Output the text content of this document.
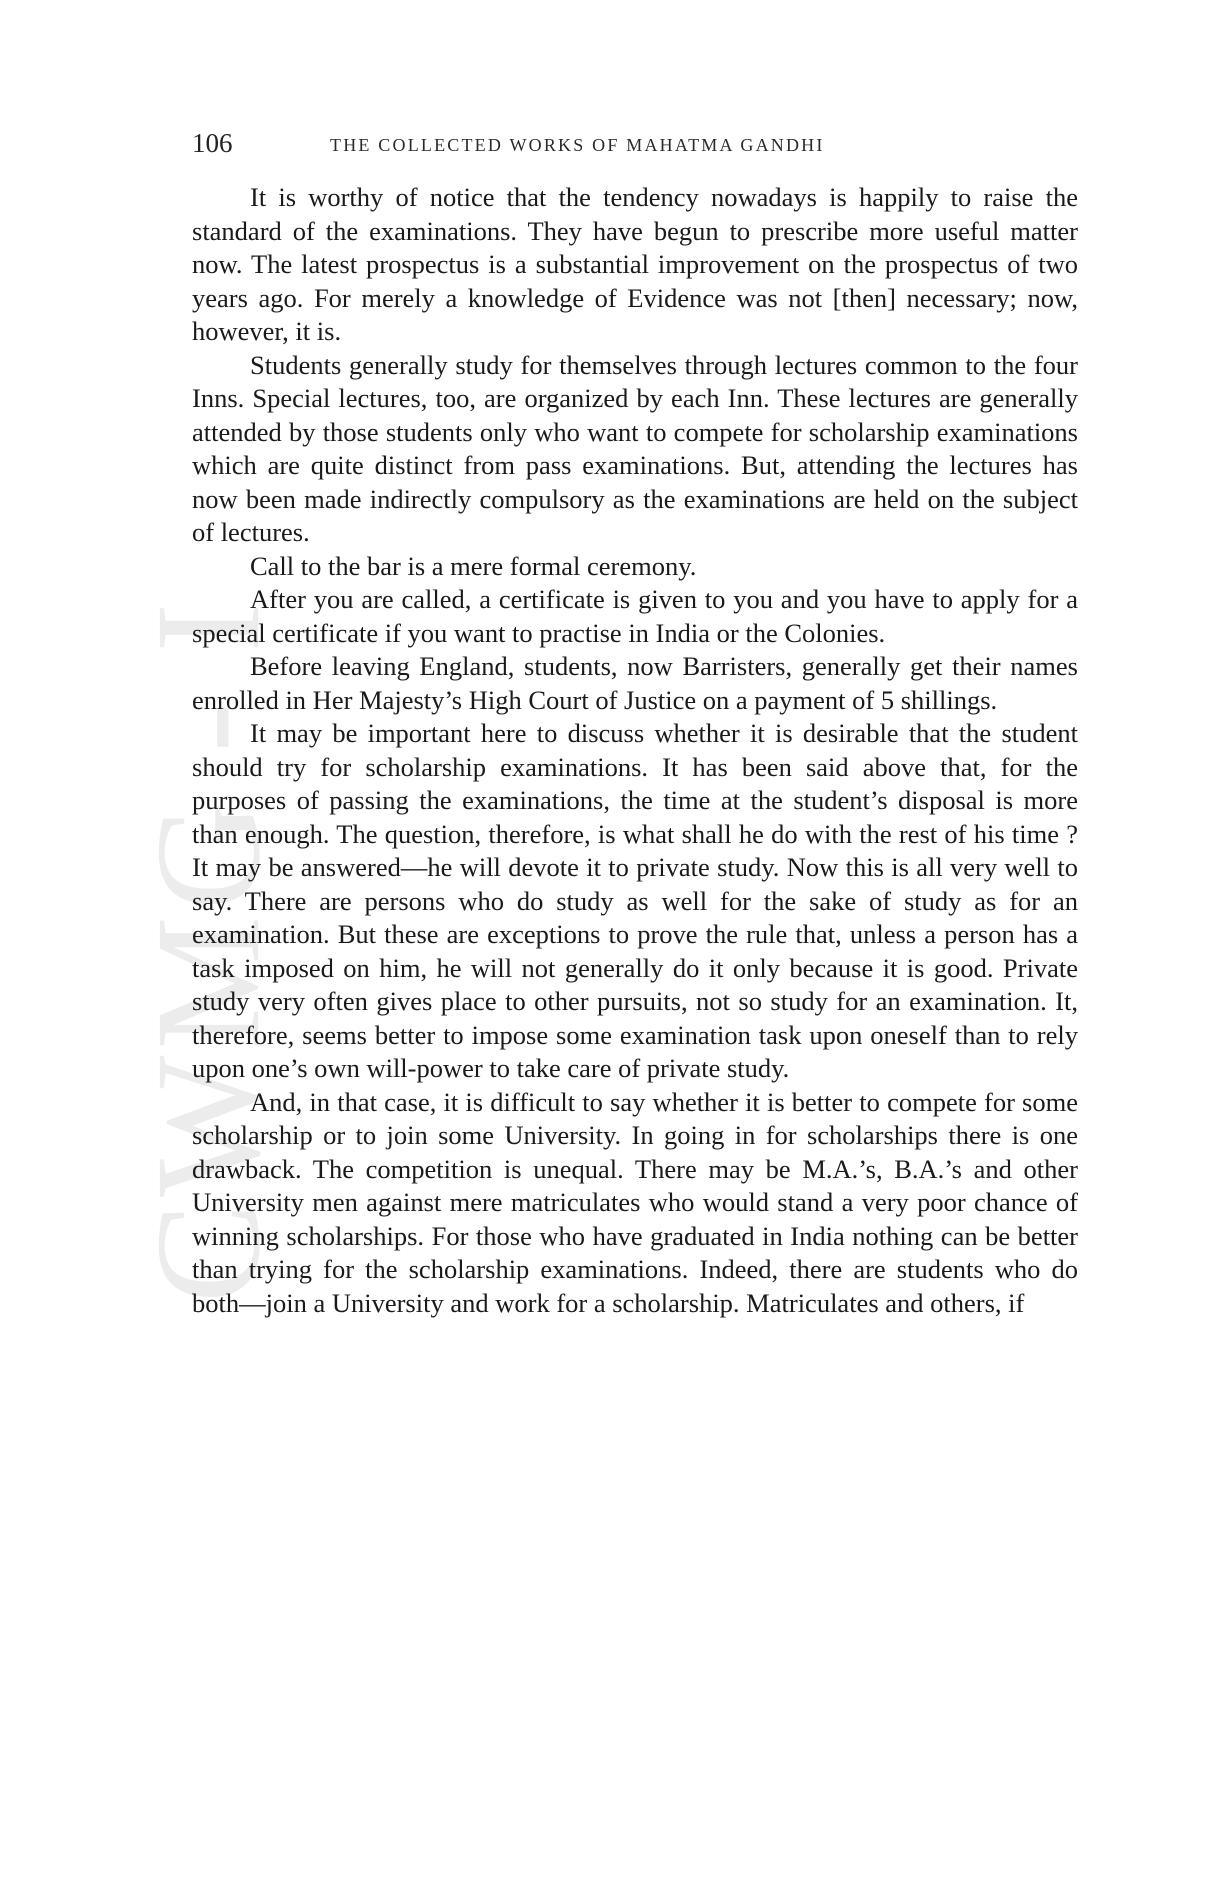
CWMG - I
106	THE COLLECTED WORKS OF MAHATMA GANDHI

It is worthy of notice that the tendency nowadays is happily to raise the standard of the examinations. They have begun to prescribe more useful matter now. The latest prospectus is a substantial improvement on the prospectus of two years ago. For merely a knowledge of Evidence was not [then] necessary; now, however, it is.

Students generally study for themselves through lectures common to the four Inns. Special lectures, too, are organized by each Inn. These lectures are generally attended by those students only who want to compete for scholarship examinations which are quite distinct from pass examinations. But, attending the lectures has now been made indirectly compulsory as the examinations are held on the subject of lectures.

Call to the bar is a mere formal ceremony.

After you are called, a certificate is given to you and you have to apply for a special certificate if you want to practise in India or the Colonies.

Before leaving England, students, now Barristers, generally get their names enrolled in Her Majesty’s High Court of Justice on a payment of 5 shillings.

It may be important here to discuss whether it is desirable that the student should try for scholarship examinations. It has been said above that, for the purposes of passing the examinations, the time at the student’s disposal is more than enough. The question, therefore, is what shall he do with the rest of his time ? It may be answered—he will devote it to private study. Now this is all very well to say. There are persons who do study as well for the sake of study as for an examination. But these are exceptions to prove the rule that, unless a person has a task imposed on him, he will not generally do it only because it is good. Private study very often gives place to other pursuits, not so study for an examination. It, therefore, seems better to impose some examination task upon oneself than to rely upon one’s own will-power to take care of private study.

And, in that case, it is difficult to say whether it is better to compete for some scholarship or to join some University. In going in for scholarships there is one drawback. The competition is unequal. There may be M.A.’s, B.A.’s and other University men against mere matriculates who would stand a very poor chance of winning scholarships. For those who have graduated in India nothing can be better than trying for the scholarship examinations. Indeed, there are students who do both—join a University and work for a scholarship. Matriculates and others, if
